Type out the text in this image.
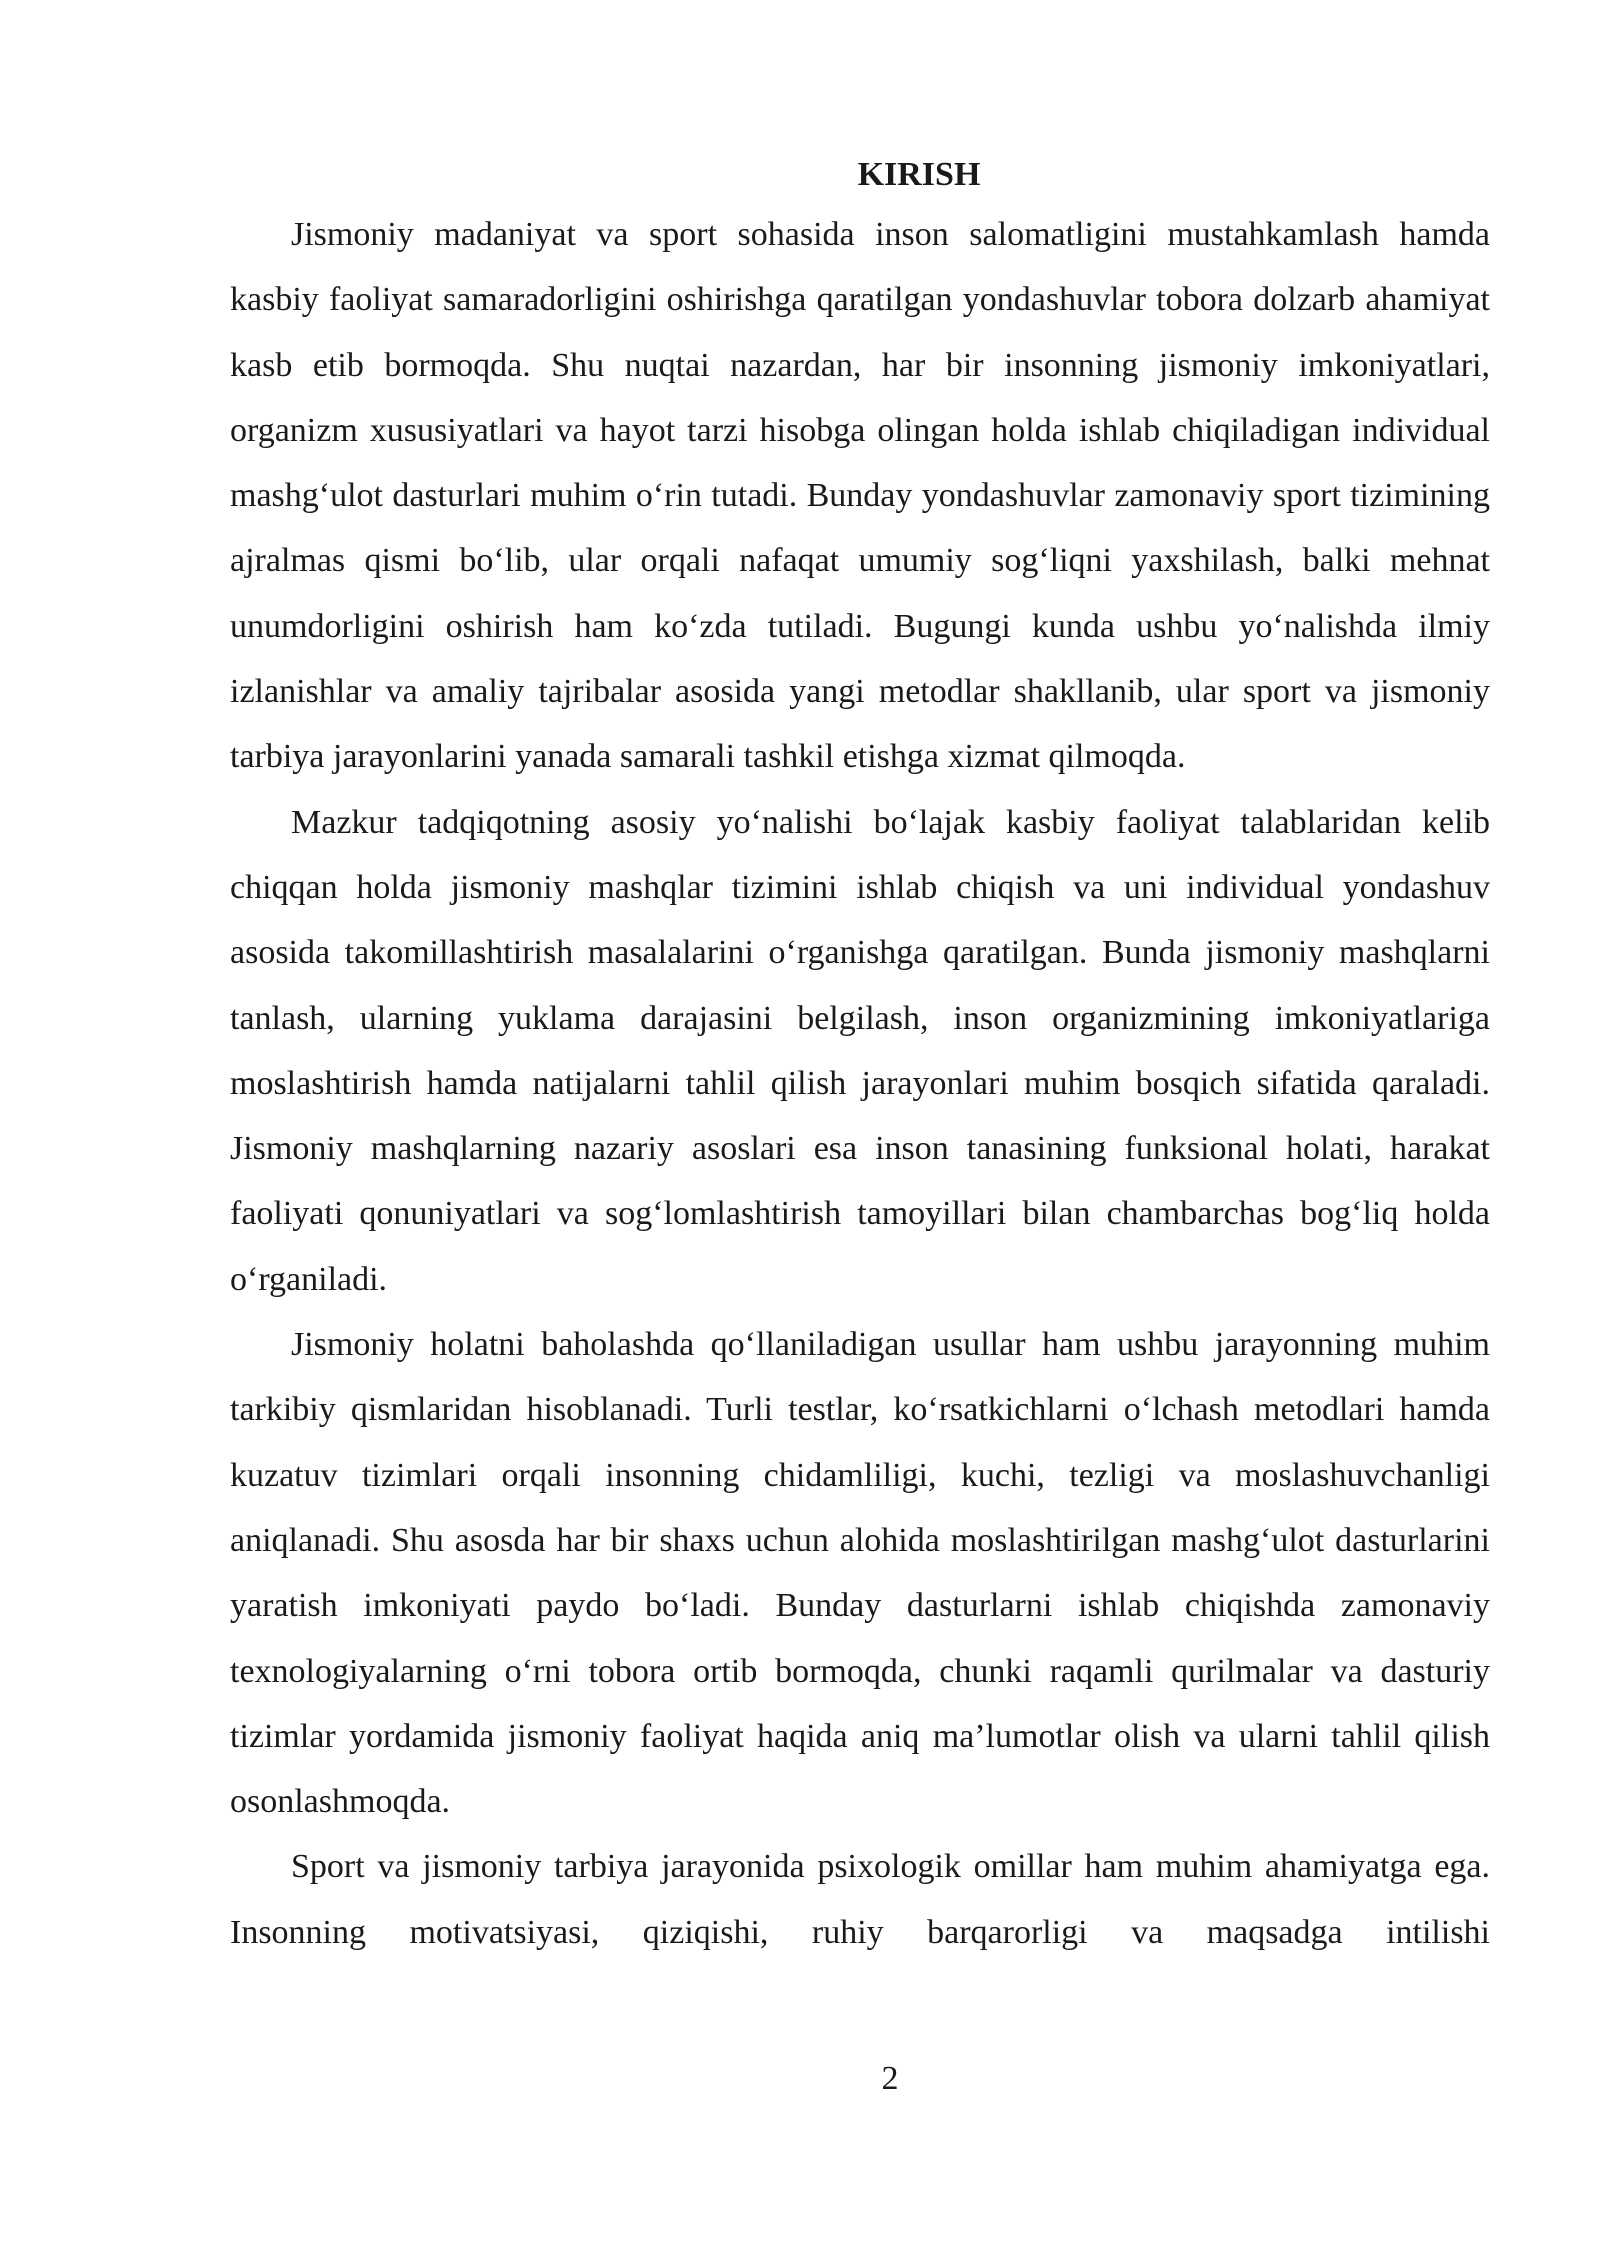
KIRISH

Jismoniy madaniyat va sport sohasida inson salomatligini mustahkamlash hamda kasbiy faoliyat samaradorligini oshirishga qaratilgan yondashuvlar tobora dolzarb ahamiyat kasb etib bormoqda. Shu nuqtai nazardan, har bir insonning jismoniy imkoniyatlari, organizm xususiyatlari va hayot tarzi hisobga olingan holda ishlab chiqiladigan individual mashg‘ulot dasturlari muhim o‘rin tutadi. Bunday yondashuvlar zamonaviy sport tizimining ajralmas qismi bo‘lib, ular orqali nafaqat umumiy sog‘liqni yaxshilash, balki mehnat unumdorligini oshirish ham ko‘zda tutiladi. Bugungi kunda ushbu yo‘nalishda ilmiy izlanishlar va amaliy tajribalar asosida yangi metodlar shakllanib, ular sport va jismoniy tarbiya jarayonlarini yanada samarali tashkil etishga xizmat qilmoqda.

Mazkur tadqiqotning asosiy yo‘nalishi bo‘lajak kasbiy faoliyat talablaridan kelib chiqqan holda jismoniy mashqlar tizimini ishlab chiqish va uni individual yondashuv asosida takomillashtirish masalalarini o‘rganishga qaratilgan. Bunda jismoniy mashqlarni tanlash, ularning yuklama darajasini belgilash, inson organizmining imkoniyatlariga moslashtirish hamda natijalarni tahlil qilish jarayonlari muhim bosqich sifatida qaraladi. Jismoniy mashqlarning nazariy asoslari esa inson tanasining funksional holati, harakat faoliyati qonuniyatlari va sog‘lomlashtirish tamoyillari bilan chambarchas bog‘liq holda o‘rganiladi.

Jismoniy holatni baholashda qo‘llaniladigan usullar ham ushbu jarayonning muhim tarkibiy qismlaridan hisoblanadi. Turli testlar, ko‘rsatkichlarni o‘lchash metodlari hamda kuzatuv tizimlari orqali insonning chidamliligi, kuchi, tezligi va moslashuvchanligi aniqlanadi. Shu asosda har bir shaxs uchun alohida moslashtirilgan mashg‘ulot dasturlarini yaratish imkoniyati paydo bo‘ladi. Bunday dasturlarni ishlab chiqishda zamonaviy texnologiyalarning o‘rni tobora ortib bormoqda, chunki raqamli qurilmalar va dasturiy tizimlar yordamida jismoniy faoliyat haqida aniq ma’lumotlar olish va ularni tahlil qilish osonlashmoqda.

Sport va jismoniy tarbiya jarayonida psixologik omillar ham muhim ahamiyatga ega. Insonning motivatsiyasi, qiziqishi, ruhiy barqarorligi va maqsadga intilishi

2
